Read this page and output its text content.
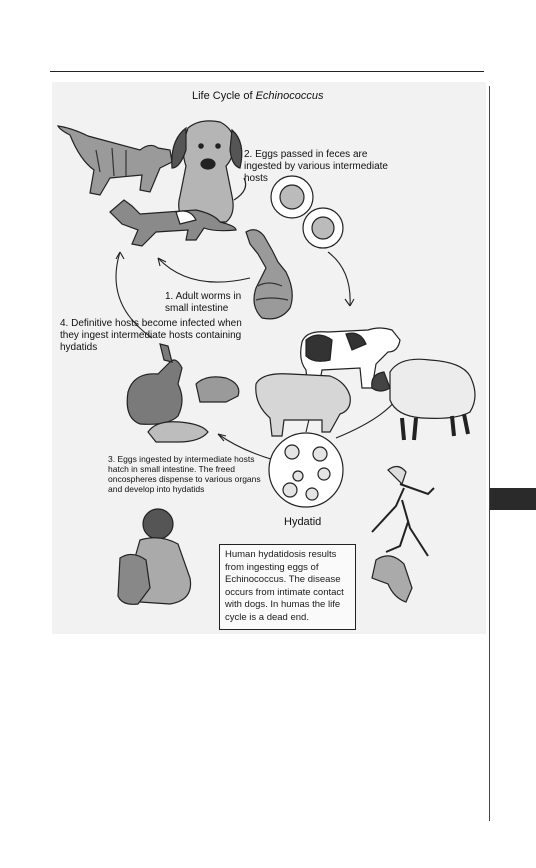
Life Cycle of Echinococcus
2. Eggs passed in feces are ingested by various intermediate hosts
1. Adult worms in small intestine
4. Definitive hosts become infected when they ingest intermediate hosts containing hydatids
3. Eggs ingested by intermediate hosts hatch in small intestine. The freed oncospheres dispense to various organs and develop into hydatids
Hydatid
Human hydatidosis results from ingesting eggs of Echinococcus. The disease occurs from intimate contact with dogs. In humas the life cycle is a dead end.
